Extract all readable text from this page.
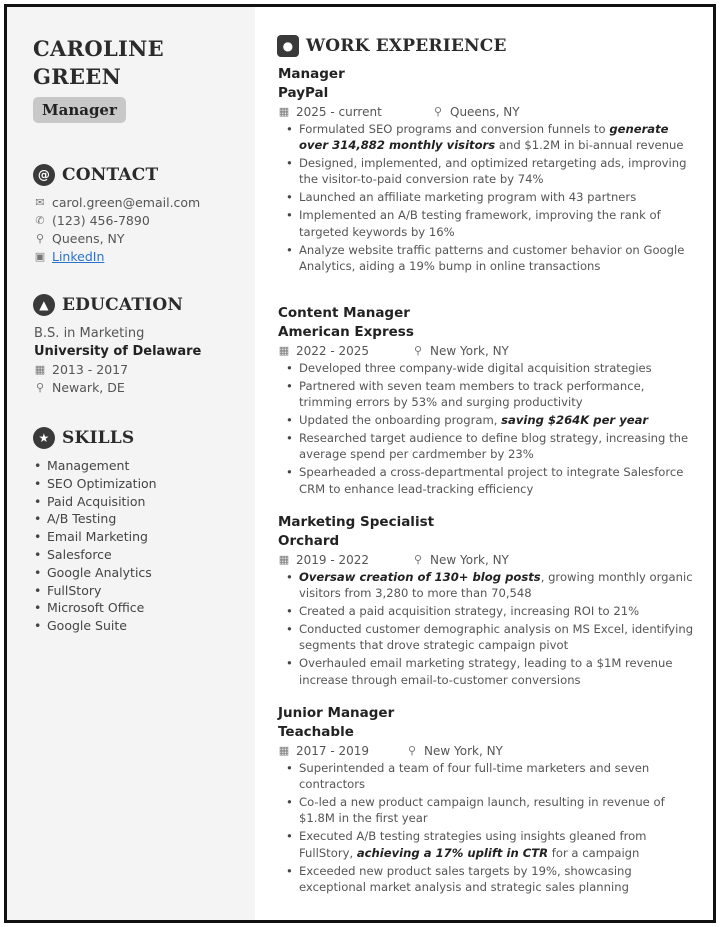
CAROLINE
GREEN
Manager
@ CONTACT
✉ carol.green@email.com
✆ (123) 456-7890
⚲ Queens, NY
▣ LinkedIn
▲ EDUCATION
B.S. in Marketing
University of Delaware
▦ 2013 - 2017
⚲ Newark, DE
★ SKILLS
• Management
• SEO Optimization
• Paid Acquisition
• A/B Testing
• Email Marketing
• Salesforce
• Google Analytics
• FullStory
• Microsoft Office
• Google Suite
● WORK EXPERIENCE
Manager
PayPal
▦ 2025 - current	⚲ Queens, NY
• Formulated SEO programs and conversion funnels to generate over 314,882 monthly visitors and $1.2M in bi-annual revenue
• Designed, implemented, and optimized retargeting ads, improving the visitor-to-paid conversion rate by 74%
• Launched an affiliate marketing program with 43 partners
• Implemented an A/B testing framework, improving the rank of targeted keywords by 16%
• Analyze website traffic patterns and customer behavior on Google Analytics, aiding a 19% bump in online transactions
Content Manager
American Express
▦ 2022 - 2025	⚲ New York, NY
• Developed three company-wide digital acquisition strategies
• Partnered with seven team members to track performance, trimming errors by 53% and surging productivity
• Updated the onboarding program, saving $264K per year
• Researched target audience to define blog strategy, increasing the average spend per cardmember by 23%
• Spearheaded a cross-departmental project to integrate Salesforce CRM to enhance lead-tracking efficiency
Marketing Specialist
Orchard
▦ 2019 - 2022	⚲ New York, NY
• Oversaw creation of 130+ blog posts, growing monthly organic visitors from 3,280 to more than 70,548
• Created a paid acquisition strategy, increasing ROI to 21%
• Conducted customer demographic analysis on MS Excel, identifying segments that drove strategic campaign pivot
• Overhauled email marketing strategy, leading to a $1M revenue increase through email-to-customer conversions
Junior Manager
Teachable
▦ 2017 - 2019	⚲ New York, NY
• Superintended a team of four full-time marketers and seven contractors
• Co-led a new product campaign launch, resulting in revenue of $1.8M in the first year
• Executed A/B testing strategies using insights gleaned from FullStory, achieving a 17% uplift in CTR for a campaign
• Exceeded new product sales targets by 19%, showcasing exceptional market analysis and strategic sales planning
